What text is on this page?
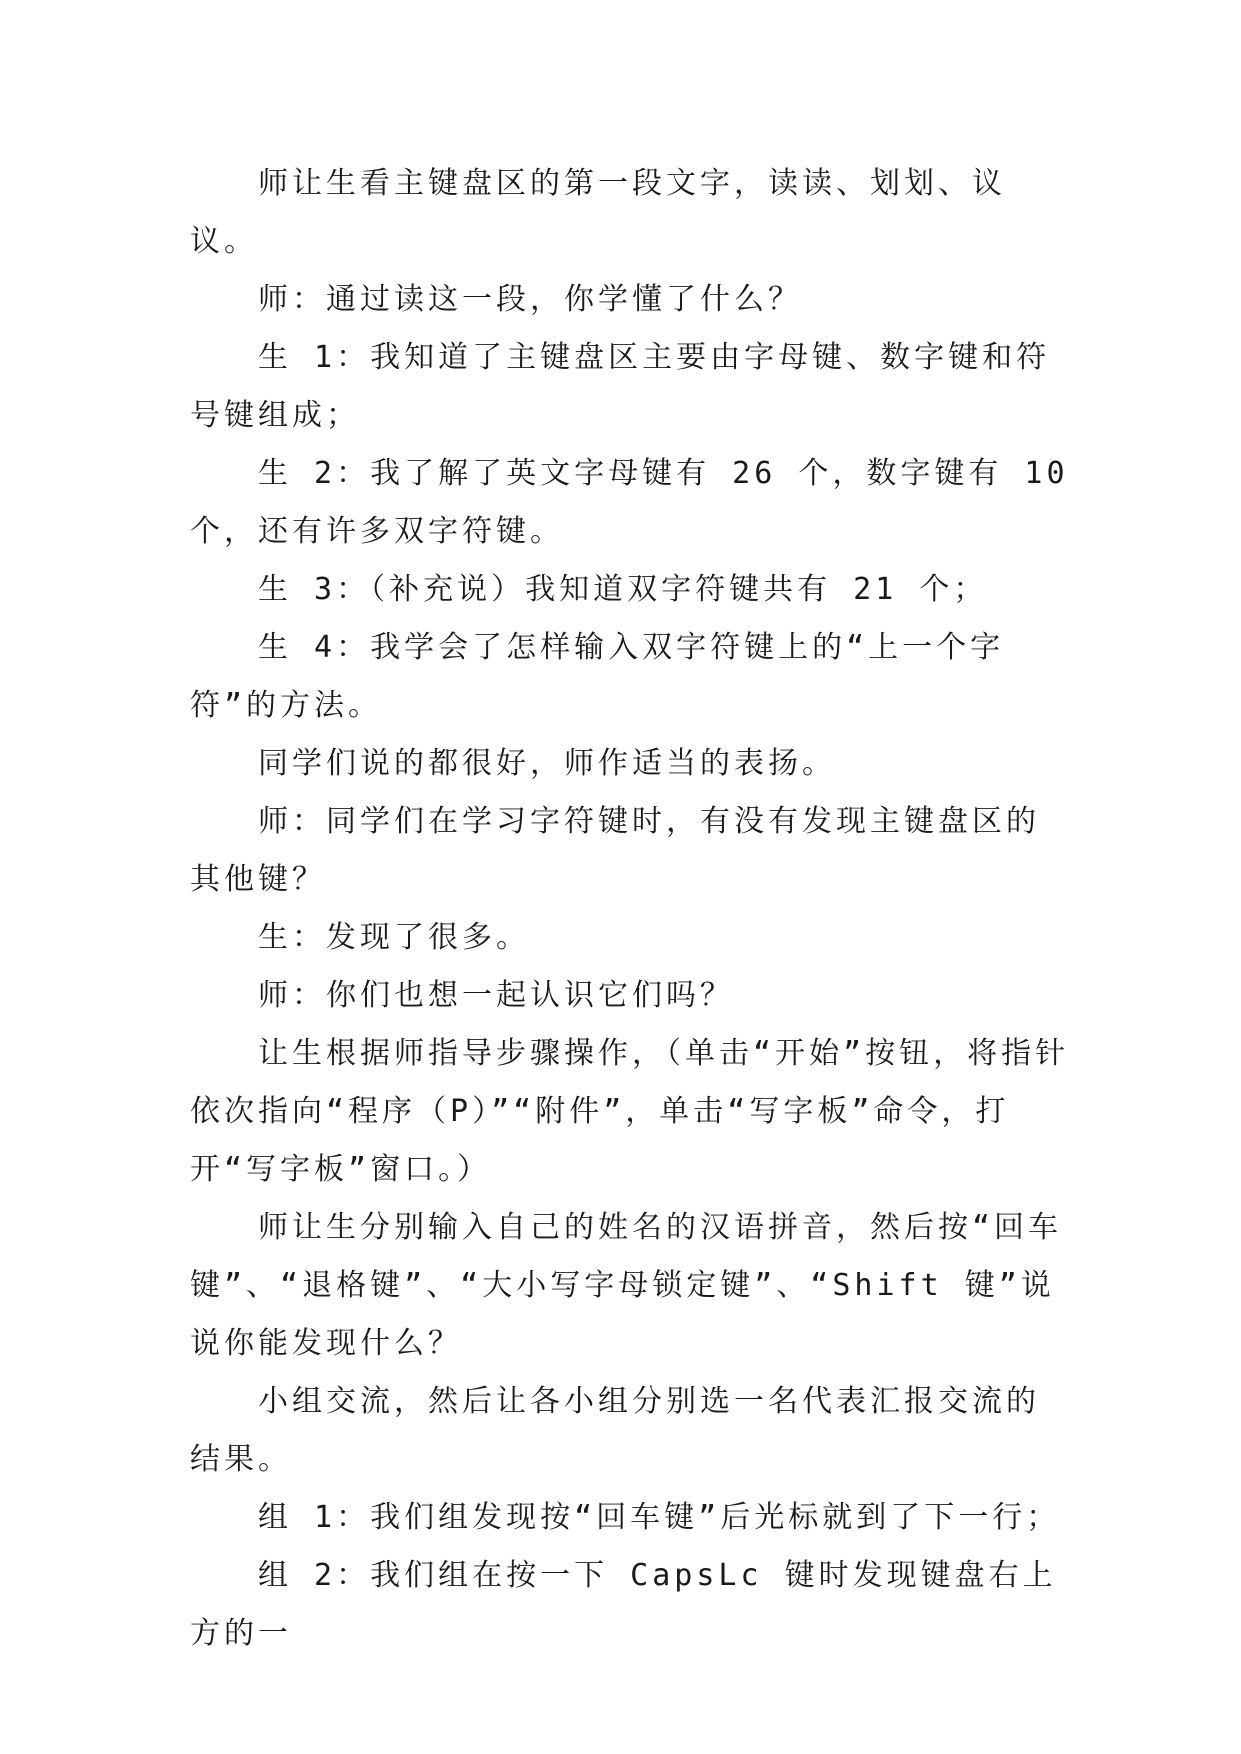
师让生看主键盘区的第一段文字，读读、划划、议议。

师：通过读这一段，你学懂了什么？

生 1：我知道了主键盘区主要由字母键、数字键和符号键组成；

生 2：我了解了英文字母键有 26 个，数字键有 10 个，还有许多双字符键。

生 3：（补充说）我知道双字符键共有 21 个；

生 4：我学会了怎样输入双字符键上的“上一个字符”的方法。

同学们说的都很好，师作适当的表扬。

师：同学们在学习字符键时，有没有发现主键盘区的其他键？

生：发现了很多。

师：你们也想一起认识它们吗？

让生根据师指导步骤操作，（单击“开始”按钮，将指针依次指向“程序（P）”“附件”，单击“写字板”命令，打开“写字板”窗口。）

师让生分别输入自己的姓名的汉语拼音，然后按“回车键”、“退格键”、“大小写字母锁定键”、“Shift 键”说说你能发现什么？

小组交流，然后让各小组分别选一名代表汇报交流的结果。

组 1：我们组发现按“回车键”后光标就到了下一行；

组 2：我们组在按一下 CapsLc 键时发现键盘右上方的一
